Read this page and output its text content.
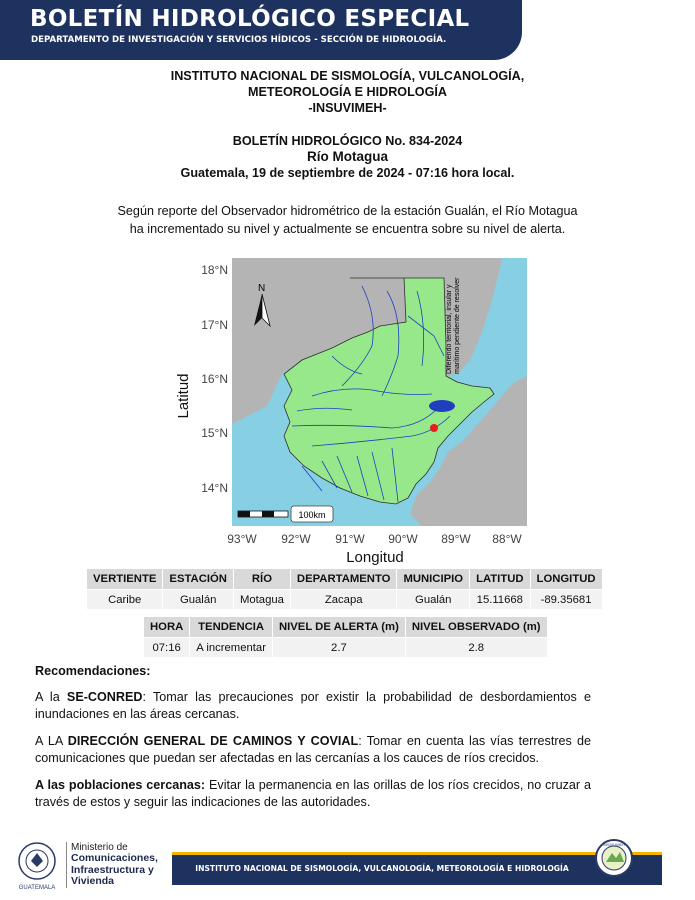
BOLETÍN HIDROLÓGICO ESPECIAL
DEPARTAMENTO DE INVESTIGACIÓN Y SERVICIOS HÍDICOS - SECCIÓN DE HIDROLOGÍA.
INSTITUTO NACIONAL DE SISMOLOGÍA, VULCANOLOGÍA,
METEOROLOGÍA E HIDROLOGÍA
-INSUVIMEH-
BOLETÍN HIDROLÓGICO No. 834-2024
Río Motagua
Guatemala, 19 de septiembre de 2024 - 07:16 hora local.
Según reporte del Observador hidrométrico de la estación Gualán, el Río Motagua
ha incrementado su nivel y actualmente se encuentra sobre su nivel de alerta.
Diferendo territorial, insular y marítimo pendiente de resolver
N
100km
18°N
17°N
16°N
15°N
14°N
93°W 92°W 91°W 90°W 89°W 88°W
Longitud
Latitud
VERTIENTE	ESTACIÓN	RÍO	DEPARTAMENTO	MUNICIPIO	LATITUD	LONGITUD
Caribe	Gualán	Motagua	Zacapa	Gualán	15.11668	-89.35681
HORA	TENDENCIA	NIVEL DE ALERTA (m)	NIVEL OBSERVADO (m)
07:16	A incrementar	2.7	2.8
Recomendaciones:

A la SE-CONRED: Tomar las precauciones por existir la probabilidad de desbordamientos e inundaciones en las áreas cercanas.

A LA DIRECCIÓN GENERAL DE CAMINOS Y COVIAL: Tomar en cuenta las vías terrestres de comunicaciones que puedan ser afectadas en las cercanías a los cauces de ríos crecidos.

A las poblaciones cercanas: Evitar la permanencia en las orillas de los ríos crecidos, no cruzar a través de estos y seguir las indicaciones de las autoridades.

GUATEMALA
Ministerio de
Comunicaciones,
Infraestructura y
Vivienda
INSTITUTO NACIONAL DE SISMOLOGÍA, VULCANOLOGÍA, METEOROLOGÍA E HIDROLOGÍA
INSIVUMEH
